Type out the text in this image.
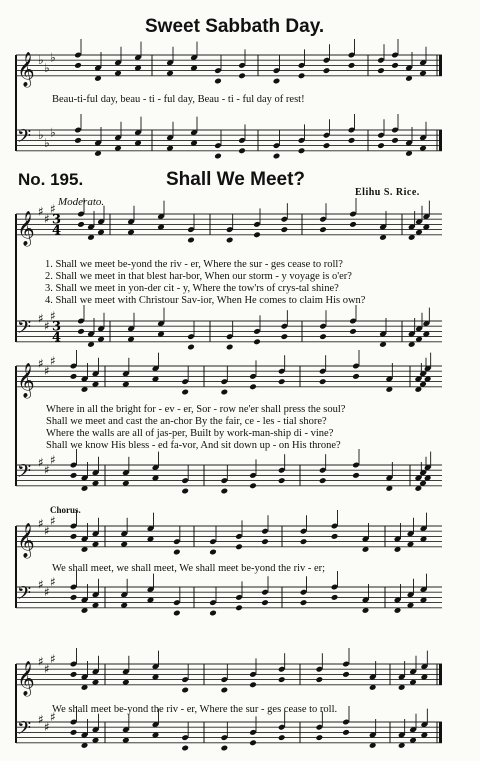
𝄞 ♭
♭
♭
𝄢 ♭
♭
♭
𝄞 ♯
♯
♯
3
4
𝄢 ♯
♯
♯
3
4
𝄞 ♯
♯
♯
𝄢 ♯
♯
♯
𝄞 ♯
♯
♯
𝄢 ♯
♯
♯
𝄞 ♯
♯
♯
𝄢 ♯
♯
♯
Sweet Sabbath Day.
Beau-ti-ful day, beau - ti - ful day, Beau - ti - ful day of rest!
No. 195.	Shall We Meet?
Elihu S. Rice.
Moderato.
1. Shall we meet be-yond the riv - er, Where the sur - ges cease to roll?
2. Shall we meet in that blest har-bor, When our storm - y voyage is o'er?
3. Shall we meet in yon-der cit - y, Where the tow'rs of crys-tal shine?
4. Shall we meet with Christour Sav-ior, When He comes to claim His own?
Where in all the bright for - ev - er, Sor - row ne'er shall press the soul?
Shall we meet and cast the an-chor By the fair, ce - les - tial shore?
Where the walls are all of jas-per, Built by work-man-ship di - vine?
Shall we know His bless - ed fa-vor, And sit down up - on His throne?
Chorus.
We shall meet, we shall meet, We shall meet be-yond the riv - er;
We shall meet be-yond the riv - er, Where the sur - ges cease to roll.
